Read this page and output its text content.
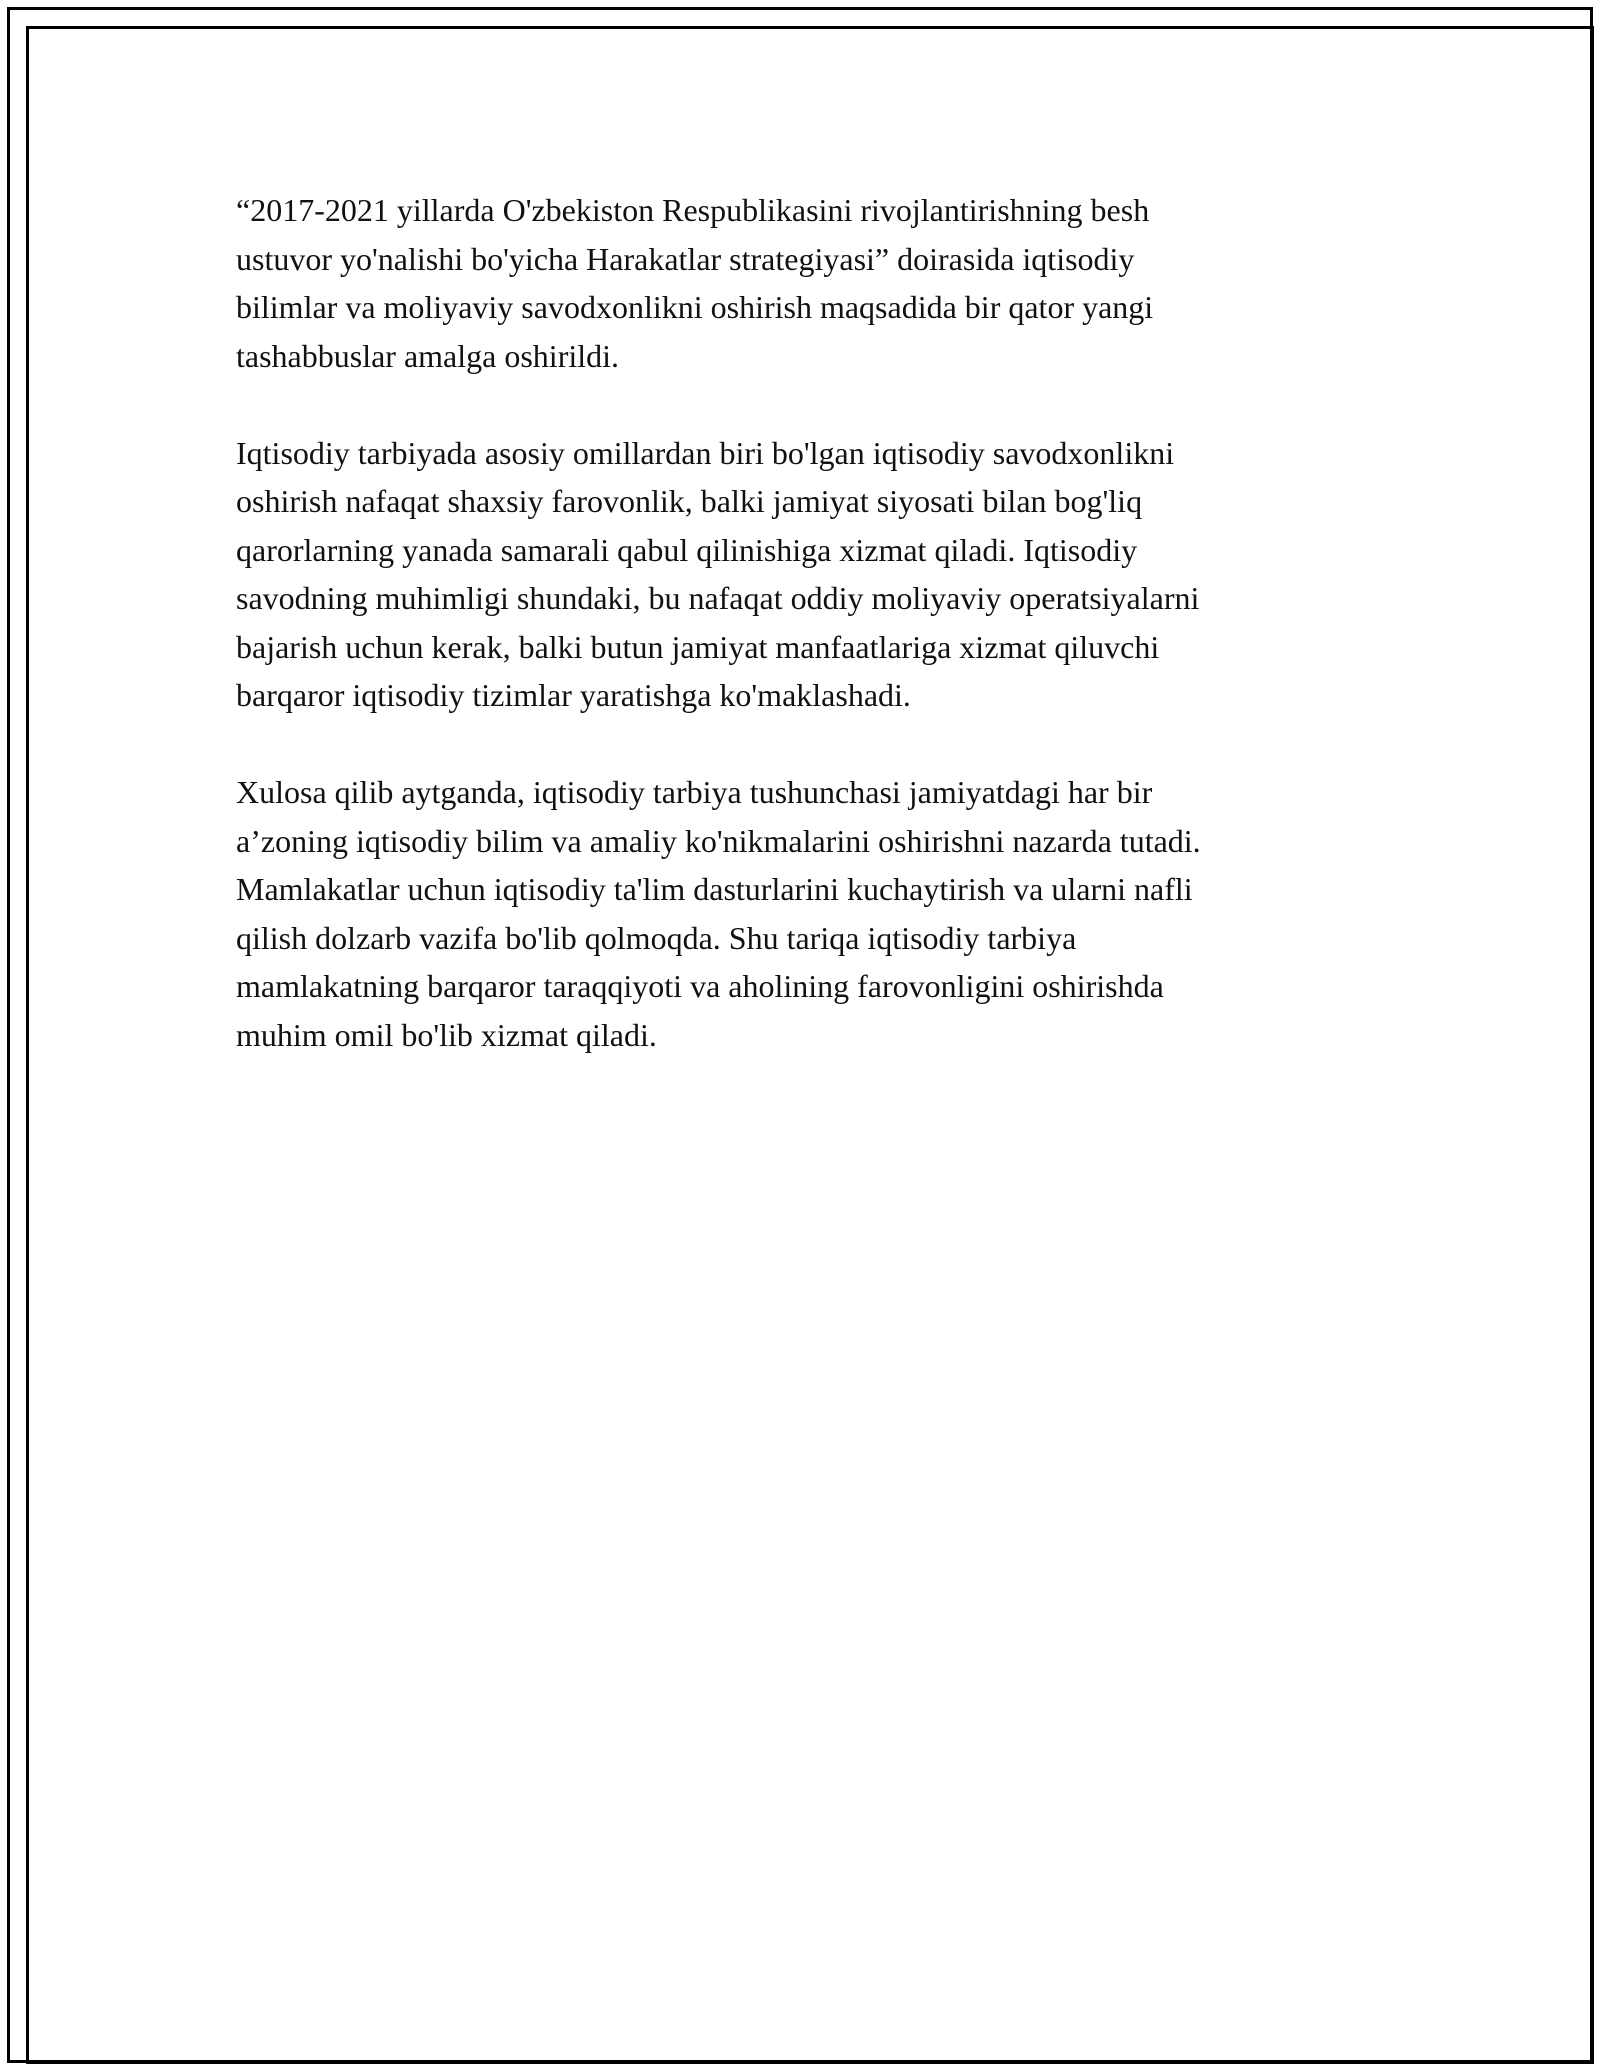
“2017-2021 yillarda O'zbekiston Respublikasini rivojlantirishning besh
ustuvor yo'nalishi bo'yicha Harakatlar strategiyasi” doirasida iqtisodiy
bilimlar va moliyaviy savodxonlikni oshirish maqsadida bir qator yangi
tashabbuslar amalga oshirildi.

Iqtisodiy tarbiyada asosiy omillardan biri bo'lgan iqtisodiy savodxonlikni
oshirish nafaqat shaxsiy farovonlik, balki jamiyat siyosati bilan bog'liq
qarorlarning yanada samarali qabul qilinishiga xizmat qiladi. Iqtisodiy
savodning muhimligi shundaki, bu nafaqat oddiy moliyaviy operatsiyalarni
bajarish uchun kerak, balki butun jamiyat manfaatlariga xizmat qiluvchi
barqaror iqtisodiy tizimlar yaratishga ko'maklashadi.

Xulosa qilib aytganda, iqtisodiy tarbiya tushunchasi jamiyatdagi har bir
a’zoning iqtisodiy bilim va amaliy ko'nikmalarini oshirishni nazarda tutadi.
Mamlakatlar uchun iqtisodiy ta'lim dasturlarini kuchaytirish va ularni nafli
qilish dolzarb vazifa bo'lib qolmoqda. Shu tariqa iqtisodiy tarbiya
mamlakatning barqaror taraqqiyoti va aholining farovonligini oshirishda
muhim omil bo'lib xizmat qiladi.
